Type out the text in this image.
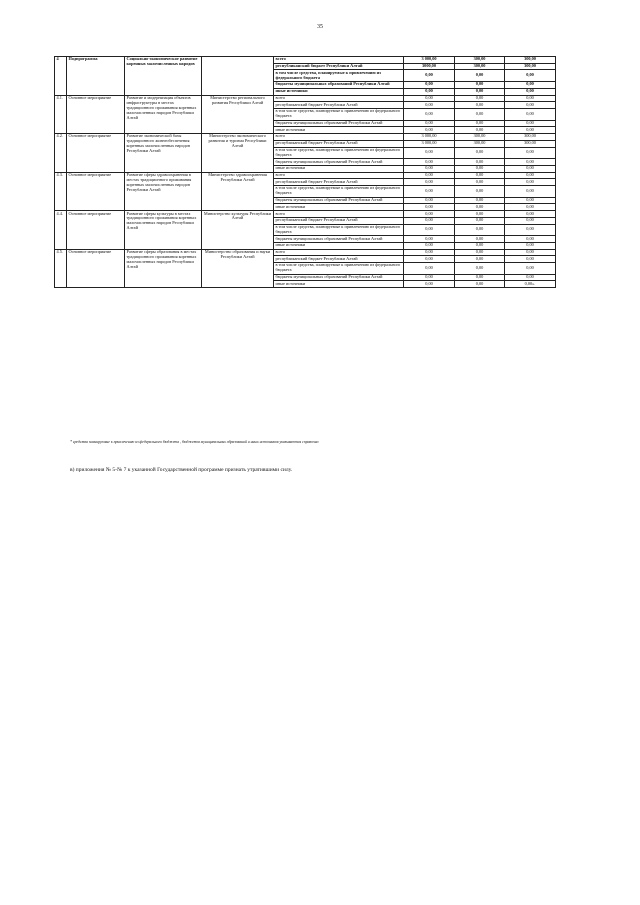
35
4	Подпрограмма	Социально-экономическое развитие коренных малочисленных народов		всего	3 000,00	300,00	300,00
				республиканский бюджет Республики Алтай	3000,00	300,00	300,00
				в том числе средства, планируемые к привлечению из федерального бюджета	0,00	0,00	0,00
				бюджеты муниципальных образований Республики Алтай	0,00	0,00	0,00
				иные источники	0,00	0,00	0,00
4.1.	Основное мероприятие	Развитие и модернизация объектов инфраструктуры в местах традиционного проживания коренных малочисленных народов Республики Алтай	Министерство регионального развития Республики Алтай	всего	0,00	0,00	0,00
				республиканский бюджет Республики Алтай	0,00	0,00	0,00
				в том числе средства, планируемые к привлечению из федерального бюджета	0,00	0,00	0,00
				бюджеты муниципальных образований Республики Алтай	0,00	0,00	0,00
				иные источники	0,00	0,00	0,00
4.2.	Основное мероприятие	Развитие экономической базы традиционного жизнеобеспечения коренных малочисленных народов Республики Алтай	Министерство экономического развития и туризма Республики Алтай	всего	3 000,00	300,00	300,00
				республиканский бюджет Республики Алтай	3 000,00	300,00	300,00
				в том числе средства, планируемые к привлечению из федерального бюджета	0,00	0,00	0,00
				бюджеты муниципальных образований Республики Алтай	0,00	0,00	0,00
				иные источники	0,00	0,00	0,00
4.3.	Основное мероприятие	Развитие сферы здравоохранения в местах традиционного проживания коренных малочисленных народов Республики Алтай	Министерство здравоохранения Республики Алтай	всего	0,00	0,00	0,00
				республиканский бюджет Республики Алтай	0,00	0,00	0,00
				в том числе средства, планируемые к привлечению из федерального бюджета	0,00	0,00	0,00
				бюджеты муниципальных образований Республики Алтай	0,00	0,00	0,00
				иные источники	0,00	0,00	0,00
4.4.	Основное мероприятие	Развитие сферы культуры в местах традиционного проживания коренных малочисленных народов Республики Алтай	Министерство культуры Республики Алтай	всего	0,00	0,00	0,00
				республиканский бюджет Республики Алтай	0,00	0,00	0,00
				в том числе средства, планируемые к привлечению из федерального бюджета	0,00	0,00	0,00
				бюджеты муниципальных образований Республики Алтай	0,00	0,00	0,00
				иные источники	0,00	0,00	0,00
4.5.	Основное мероприятие	Развитие сферы образования в местах традиционного проживания коренных малочисленных народов Республики Алтай	Министерство образования и науки Республики Алтай	всего	0,00	0,00	0,00
				республиканский бюджет Республики Алтай	0,00	0,00	0,00
				в том числе средства, планируемые к привлечению из федерального бюджета	0,00	0,00	0,00
				бюджеты муниципальных образований Республики Алтай	0,00	0,00	0,00
				иные источники	0,00	0,00	0,00».
* средства планируемые к привлечению из федерального бюджета , бюджетов муниципальных образований и иных источников указываются справочно
в) приложения № 5-№ 7 к указанной Государственной программе признать утратившими силу.
